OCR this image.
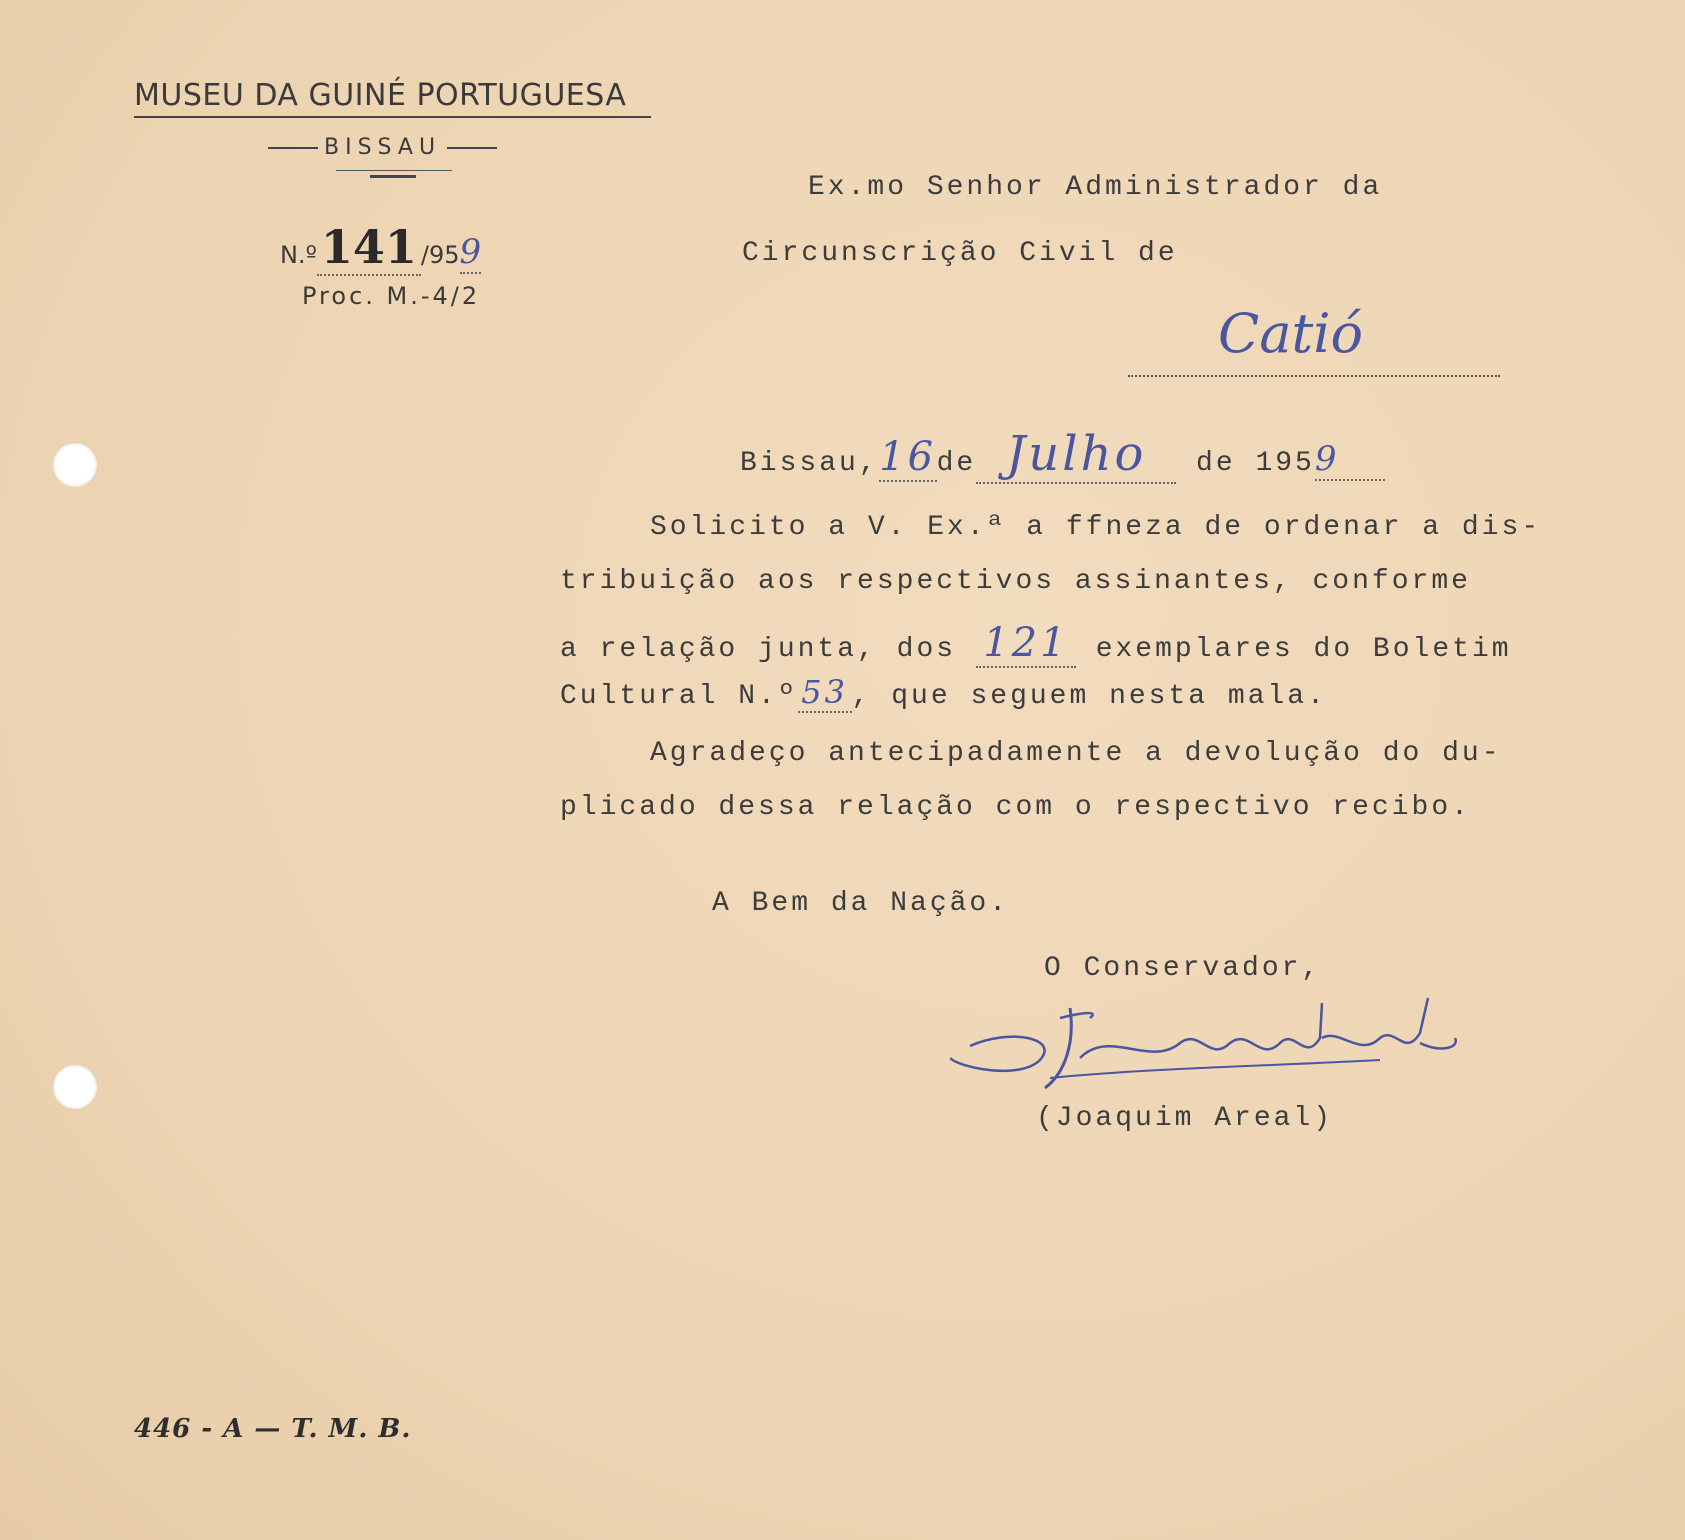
MUSEU DA GUINÉ PORTUGUESA
BISSAU
N.º141 /959
Proc. M.-4/2
Ex.mo Senhor Administrador da
Circunscrição Civil de
Catió
Bissau,16de Julho de 1959
Solicito a V. Ex.ª a ffneza de ordenar a dis-
tribuição aos respectivos assinantes, conforme
a relação junta, dos 121 exemplares do Boletim
Cultural N.º 53 , que seguem nesta mala.
Agradeço antecipadamente a devolução do du-
plicado dessa relação com o respectivo recibo.
A Bem da Nação.
O Conservador,
(Joaquim Areal)
446 - A — T. M. B.
